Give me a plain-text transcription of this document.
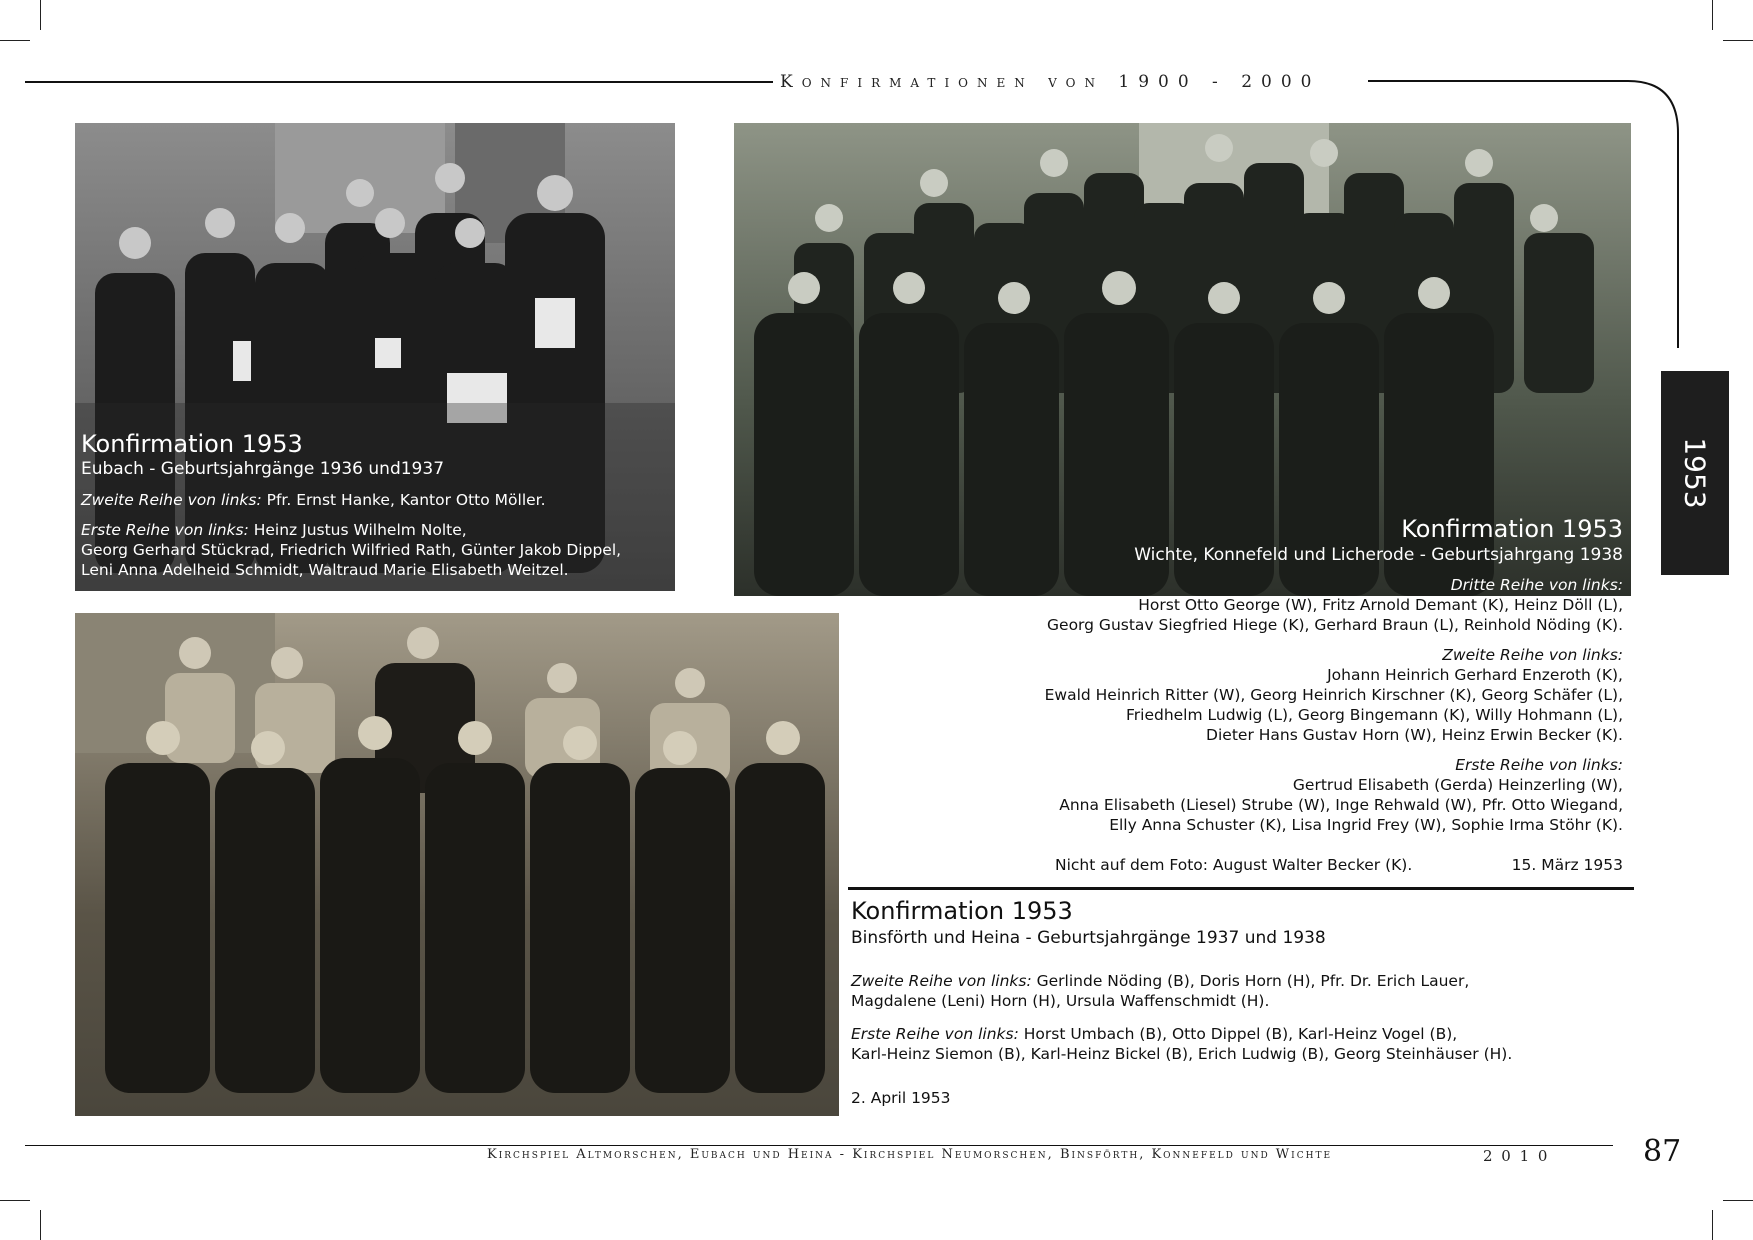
Konfirmationen von 1900 - 2000
1953
Konfirmation 1953
Eubach - Geburtsjahrgänge 1936 und1937
Zweite Reihe von links: Pfr. Ernst Hanke, Kantor Otto Möller.
Erste Reihe von links: Heinz Justus Wilhelm Nolte,
Georg Gerhard Stückrad, Friedrich Wilfried Rath, Günter Jakob Dippel,
Leni Anna Adelheid Schmidt, Waltraud Marie Elisabeth Weitzel.
Konfirmation 1953
Wichte, Konnefeld und Licherode - Geburtsjahrgang 1938
Dritte Reihe von links:
Horst Otto George (W), Fritz Arnold Demant (K), Heinz Döll (L),
Georg Gustav Siegfried Hiege (K), Gerhard Braun (L), Reinhold Nöding (K).
Zweite Reihe von links:
Johann Heinrich Gerhard Enzeroth (K),
Ewald Heinrich Ritter (W), Georg Heinrich Kirschner (K), Georg Schäfer (L),
Friedhelm Ludwig (L), Georg Bingemann (K), Willy Hohmann (L),
Dieter Hans Gustav Horn (W), Heinz Erwin Becker (K).
Erste Reihe von links:
Gertrud Elisabeth (Gerda) Heinzerling (W),
Anna Elisabeth (Liesel) Strube (W), Inge Rehwald (W), Pfr. Otto Wiegand,
Elly Anna Schuster (K), Lisa Ingrid Frey (W), Sophie Irma Stöhr (K).
Nicht auf dem Foto: August Walter Becker (K).	15. März 1953
Konfirmation 1953
Binsförth und Heina - Geburtsjahrgänge 1937 und 1938
Zweite Reihe von links: Gerlinde Nöding (B), Doris Horn (H), Pfr. Dr. Erich Lauer,
Magdalene (Leni) Horn (H), Ursula Waffenschmidt (H).
Erste Reihe von links: Horst Umbach (B), Otto Dippel (B), Karl-Heinz Vogel (B),
Karl-Heinz Siemon (B), Karl-Heinz Bickel (B), Erich Ludwig (B), Georg Steinhäuser (H).
2. April 1953
Kirchspiel Altmorschen, Eubach und Heina - Kirchspiel Neumorschen, Binsförth, Konnefeld und Wichte	2 0 1 0	87
